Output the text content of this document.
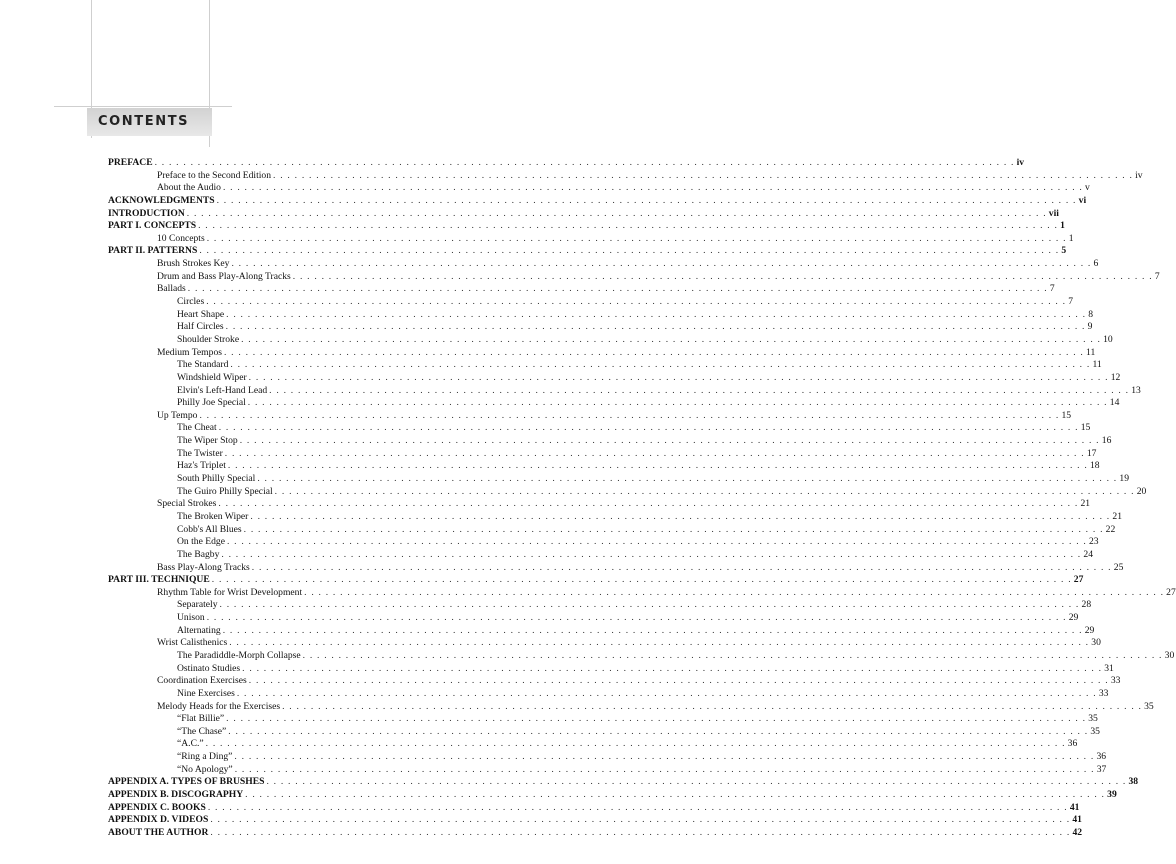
CONTENTS
PREFACE . . . . . . . . . . . . . . . . . . . . . . . . . . . . . . . . . . . . . . . . . . . . . . . . . . . . . . . . . . . . . . . . . . . . . . . . . . . . . . . . . . . . . . . . . . . . . . . . . . . . . . . . . . . . . . . . . . . . . . . . iv
Preface to the Second Edition . . . . . . . . . . . . . . . . . . . . . . . . . . . . . . . . . . . . . . . . . . . . . . . . . . . . . . . . . . . . . . . . . . . . . . . . . . . . . . . . . . . . . . . . . . . . . . . . . . . . . . . . . . . . . . . . . . . . . . . . iv
About the Audio . . . . . . . . . . . . . . . . . . . . . . . . . . . . . . . . . . . . . . . . . . . . . . . . . . . . . . . . . . . . . . . . . . . . . . . . . . . . . . . . . . . . . . . . . . . . . . . . . . . . . . . . . . . . . . . . . . . . . . . . v
ACKNOWLEDGMENTS . . . . . . . . . . . . . . . . . . . . . . . . . . . . . . . . . . . . . . . . . . . . . . . . . . . . . . . . . . . . . . . . . . . . . . . . . . . . . . . . . . . . . . . . . . . . . . . . . . . . . . . . . . . . . . . . . . . . . . . . vi
INTRODUCTION . . . . . . . . . . . . . . . . . . . . . . . . . . . . . . . . . . . . . . . . . . . . . . . . . . . . . . . . . . . . . . . . . . . . . . . . . . . . . . . . . . . . . . . . . . . . . . . . . . . . . . . . . . . . . . . . . . . . . . . . vii
PART I. CONCEPTS . . . . . . . . . . . . . . . . . . . . . . . . . . . . . . . . . . . . . . . . . . . . . . . . . . . . . . . . . . . . . . . . . . . . . . . . . . . . . . . . . . . . . . . . . . . . . . . . . . . . . . . . . . . . . . . . . . . . . . . . 1
10 Concepts . . . . . . . . . . . . . . . . . . . . . . . . . . . . . . . . . . . . . . . . . . . . . . . . . . . . . . . . . . . . . . . . . . . . . . . . . . . . . . . . . . . . . . . . . . . . . . . . . . . . . . . . . . . . . . . . . . . . . . . . 1
PART II. PATTERNS . . . . . . . . . . . . . . . . . . . . . . . . . . . . . . . . . . . . . . . . . . . . . . . . . . . . . . . . . . . . . . . . . . . . . . . . . . . . . . . . . . . . . . . . . . . . . . . . . . . . . . . . . . . . . . . . . . . . . . . . 5
Brush Strokes Key . . . . . . . . . . . . . . . . . . . . . . . . . . . . . . . . . . . . . . . . . . . . . . . . . . . . . . . . . . . . . . . . . . . . . . . . . . . . . . . . . . . . . . . . . . . . . . . . . . . . . . . . . . . . . . . . . . . . . . . . 6
Drum and Bass Play-Along Tracks . . . . . . . . . . . . . . . . . . . . . . . . . . . . . . . . . . . . . . . . . . . . . . . . . . . . . . . . . . . . . . . . . . . . . . . . . . . . . . . . . . . . . . . . . . . . . . . . . . . . . . . . . . . . . . . . . . . . . . . . 7
Ballads . . . . . . . . . . . . . . . . . . . . . . . . . . . . . . . . . . . . . . . . . . . . . . . . . . . . . . . . . . . . . . . . . . . . . . . . . . . . . . . . . . . . . . . . . . . . . . . . . . . . . . . . . . . . . . . . . . . . . . . . 7
Circles . . . . . . . . . . . . . . . . . . . . . . . . . . . . . . . . . . . . . . . . . . . . . . . . . . . . . . . . . . . . . . . . . . . . . . . . . . . . . . . . . . . . . . . . . . . . . . . . . . . . . . . . . . . . . . . . . . . . . . . . 7
Heart Shape . . . . . . . . . . . . . . . . . . . . . . . . . . . . . . . . . . . . . . . . . . . . . . . . . . . . . . . . . . . . . . . . . . . . . . . . . . . . . . . . . . . . . . . . . . . . . . . . . . . . . . . . . . . . . . . . . . . . . . . . 8
Half Circles . . . . . . . . . . . . . . . . . . . . . . . . . . . . . . . . . . . . . . . . . . . . . . . . . . . . . . . . . . . . . . . . . . . . . . . . . . . . . . . . . . . . . . . . . . . . . . . . . . . . . . . . . . . . . . . . . . . . . . . . 9
Shoulder Stroke . . . . . . . . . . . . . . . . . . . . . . . . . . . . . . . . . . . . . . . . . . . . . . . . . . . . . . . . . . . . . . . . . . . . . . . . . . . . . . . . . . . . . . . . . . . . . . . . . . . . . . . . . . . . . . . . . . . . . . . . 10
Medium Tempos . . . . . . . . . . . . . . . . . . . . . . . . . . . . . . . . . . . . . . . . . . . . . . . . . . . . . . . . . . . . . . . . . . . . . . . . . . . . . . . . . . . . . . . . . . . . . . . . . . . . . . . . . . . . . . . . . . . . . . . . 11
The Standard . . . . . . . . . . . . . . . . . . . . . . . . . . . . . . . . . . . . . . . . . . . . . . . . . . . . . . . . . . . . . . . . . . . . . . . . . . . . . . . . . . . . . . . . . . . . . . . . . . . . . . . . . . . . . . . . . . . . . . . . 11
Windshield Wiper . . . . . . . . . . . . . . . . . . . . . . . . . . . . . . . . . . . . . . . . . . . . . . . . . . . . . . . . . . . . . . . . . . . . . . . . . . . . . . . . . . . . . . . . . . . . . . . . . . . . . . . . . . . . . . . . . . . . . . . . 12
Elvin's Left-Hand Lead . . . . . . . . . . . . . . . . . . . . . . . . . . . . . . . . . . . . . . . . . . . . . . . . . . . . . . . . . . . . . . . . . . . . . . . . . . . . . . . . . . . . . . . . . . . . . . . . . . . . . . . . . . . . . . . . . . . . . . . . 13
Philly Joe Special . . . . . . . . . . . . . . . . . . . . . . . . . . . . . . . . . . . . . . . . . . . . . . . . . . . . . . . . . . . . . . . . . . . . . . . . . . . . . . . . . . . . . . . . . . . . . . . . . . . . . . . . . . . . . . . . . . . . . . . . 14
Up Tempo . . . . . . . . . . . . . . . . . . . . . . . . . . . . . . . . . . . . . . . . . . . . . . . . . . . . . . . . . . . . . . . . . . . . . . . . . . . . . . . . . . . . . . . . . . . . . . . . . . . . . . . . . . . . . . . . . . . . . . . . 15
The Cheat . . . . . . . . . . . . . . . . . . . . . . . . . . . . . . . . . . . . . . . . . . . . . . . . . . . . . . . . . . . . . . . . . . . . . . . . . . . . . . . . . . . . . . . . . . . . . . . . . . . . . . . . . . . . . . . . . . . . . . . . 15
The Wiper Stop . . . . . . . . . . . . . . . . . . . . . . . . . . . . . . . . . . . . . . . . . . . . . . . . . . . . . . . . . . . . . . . . . . . . . . . . . . . . . . . . . . . . . . . . . . . . . . . . . . . . . . . . . . . . . . . . . . . . . . . . 16
The Twister . . . . . . . . . . . . . . . . . . . . . . . . . . . . . . . . . . . . . . . . . . . . . . . . . . . . . . . . . . . . . . . . . . . . . . . . . . . . . . . . . . . . . . . . . . . . . . . . . . . . . . . . . . . . . . . . . . . . . . . . 17
Haz's Triplet . . . . . . . . . . . . . . . . . . . . . . . . . . . . . . . . . . . . . . . . . . . . . . . . . . . . . . . . . . . . . . . . . . . . . . . . . . . . . . . . . . . . . . . . . . . . . . . . . . . . . . . . . . . . . . . . . . . . . . . . 18
South Philly Special . . . . . . . . . . . . . . . . . . . . . . . . . . . . . . . . . . . . . . . . . . . . . . . . . . . . . . . . . . . . . . . . . . . . . . . . . . . . . . . . . . . . . . . . . . . . . . . . . . . . . . . . . . . . . . . . . . . . . . . . 19
The Guiro Philly Special . . . . . . . . . . . . . . . . . . . . . . . . . . . . . . . . . . . . . . . . . . . . . . . . . . . . . . . . . . . . . . . . . . . . . . . . . . . . . . . . . . . . . . . . . . . . . . . . . . . . . . . . . . . . . . . . . . . . . . . . 20
Special Strokes . . . . . . . . . . . . . . . . . . . . . . . . . . . . . . . . . . . . . . . . . . . . . . . . . . . . . . . . . . . . . . . . . . . . . . . . . . . . . . . . . . . . . . . . . . . . . . . . . . . . . . . . . . . . . . . . . . . . . . . . 21
The Broken Wiper . . . . . . . . . . . . . . . . . . . . . . . . . . . . . . . . . . . . . . . . . . . . . . . . . . . . . . . . . . . . . . . . . . . . . . . . . . . . . . . . . . . . . . . . . . . . . . . . . . . . . . . . . . . . . . . . . . . . . . . . 21
Cobb's All Blues . . . . . . . . . . . . . . . . . . . . . . . . . . . . . . . . . . . . . . . . . . . . . . . . . . . . . . . . . . . . . . . . . . . . . . . . . . . . . . . . . . . . . . . . . . . . . . . . . . . . . . . . . . . . . . . . . . . . . . . . 22
On the Edge . . . . . . . . . . . . . . . . . . . . . . . . . . . . . . . . . . . . . . . . . . . . . . . . . . . . . . . . . . . . . . . . . . . . . . . . . . . . . . . . . . . . . . . . . . . . . . . . . . . . . . . . . . . . . . . . . . . . . . . . 23
The Bagby . . . . . . . . . . . . . . . . . . . . . . . . . . . . . . . . . . . . . . . . . . . . . . . . . . . . . . . . . . . . . . . . . . . . . . . . . . . . . . . . . . . . . . . . . . . . . . . . . . . . . . . . . . . . . . . . . . . . . . . . 24
Bass Play-Along Tracks . . . . . . . . . . . . . . . . . . . . . . . . . . . . . . . . . . . . . . . . . . . . . . . . . . . . . . . . . . . . . . . . . . . . . . . . . . . . . . . . . . . . . . . . . . . . . . . . . . . . . . . . . . . . . . . . . . . . . . . . 25
PART III. TECHNIQUE . . . . . . . . . . . . . . . . . . . . . . . . . . . . . . . . . . . . . . . . . . . . . . . . . . . . . . . . . . . . . . . . . . . . . . . . . . . . . . . . . . . . . . . . . . . . . . . . . . . . . . . . . . . . . . . . . . . . . . . . 27
Rhythm Table for Wrist Development . . . . . . . . . . . . . . . . . . . . . . . . . . . . . . . . . . . . . . . . . . . . . . . . . . . . . . . . . . . . . . . . . . . . . . . . . . . . . . . . . . . . . . . . . . . . . . . . . . . . . . . . . . . . . . . . . . . . . . . . 27
Separately . . . . . . . . . . . . . . . . . . . . . . . . . . . . . . . . . . . . . . . . . . . . . . . . . . . . . . . . . . . . . . . . . . . . . . . . . . . . . . . . . . . . . . . . . . . . . . . . . . . . . . . . . . . . . . . . . . . . . . . . 28
Unison . . . . . . . . . . . . . . . . . . . . . . . . . . . . . . . . . . . . . . . . . . . . . . . . . . . . . . . . . . . . . . . . . . . . . . . . . . . . . . . . . . . . . . . . . . . . . . . . . . . . . . . . . . . . . . . . . . . . . . . . 29
Alternating . . . . . . . . . . . . . . . . . . . . . . . . . . . . . . . . . . . . . . . . . . . . . . . . . . . . . . . . . . . . . . . . . . . . . . . . . . . . . . . . . . . . . . . . . . . . . . . . . . . . . . . . . . . . . . . . . . . . . . . . 29
Wrist Calisthenics . . . . . . . . . . . . . . . . . . . . . . . . . . . . . . . . . . . . . . . . . . . . . . . . . . . . . . . . . . . . . . . . . . . . . . . . . . . . . . . . . . . . . . . . . . . . . . . . . . . . . . . . . . . . . . . . . . . . . . . . 30
The Paradiddle-Morph Collapse . . . . . . . . . . . . . . . . . . . . . . . . . . . . . . . . . . . . . . . . . . . . . . . . . . . . . . . . . . . . . . . . . . . . . . . . . . . . . . . . . . . . . . . . . . . . . . . . . . . . . . . . . . . . . . . . . . . . . . . . 30
Ostinato Studies . . . . . . . . . . . . . . . . . . . . . . . . . . . . . . . . . . . . . . . . . . . . . . . . . . . . . . . . . . . . . . . . . . . . . . . . . . . . . . . . . . . . . . . . . . . . . . . . . . . . . . . . . . . . . . . . . . . . . . . . 31
Coordination Exercises . . . . . . . . . . . . . . . . . . . . . . . . . . . . . . . . . . . . . . . . . . . . . . . . . . . . . . . . . . . . . . . . . . . . . . . . . . . . . . . . . . . . . . . . . . . . . . . . . . . . . . . . . . . . . . . . . . . . . . . . 33
Nine Exercises . . . . . . . . . . . . . . . . . . . . . . . . . . . . . . . . . . . . . . . . . . . . . . . . . . . . . . . . . . . . . . . . . . . . . . . . . . . . . . . . . . . . . . . . . . . . . . . . . . . . . . . . . . . . . . . . . . . . . . . . 33
Melody Heads for the Exercises . . . . . . . . . . . . . . . . . . . . . . . . . . . . . . . . . . . . . . . . . . . . . . . . . . . . . . . . . . . . . . . . . . . . . . . . . . . . . . . . . . . . . . . . . . . . . . . . . . . . . . . . . . . . . . . . . . . . . . . . 35
“Flat Billie” . . . . . . . . . . . . . . . . . . . . . . . . . . . . . . . . . . . . . . . . . . . . . . . . . . . . . . . . . . . . . . . . . . . . . . . . . . . . . . . . . . . . . . . . . . . . . . . . . . . . . . . . . . . . . . . . . . . . . . . . 35
“The Chase” . . . . . . . . . . . . . . . . . . . . . . . . . . . . . . . . . . . . . . . . . . . . . . . . . . . . . . . . . . . . . . . . . . . . . . . . . . . . . . . . . . . . . . . . . . . . . . . . . . . . . . . . . . . . . . . . . . . . . . . . 35
“A.C.” . . . . . . . . . . . . . . . . . . . . . . . . . . . . . . . . . . . . . . . . . . . . . . . . . . . . . . . . . . . . . . . . . . . . . . . . . . . . . . . . . . . . . . . . . . . . . . . . . . . . . . . . . . . . . . . . . . . . . . . . 36
“Ring a Ding” . . . . . . . . . . . . . . . . . . . . . . . . . . . . . . . . . . . . . . . . . . . . . . . . . . . . . . . . . . . . . . . . . . . . . . . . . . . . . . . . . . . . . . . . . . . . . . . . . . . . . . . . . . . . . . . . . . . . . . . . 36
“No Apology” . . . . . . . . . . . . . . . . . . . . . . . . . . . . . . . . . . . . . . . . . . . . . . . . . . . . . . . . . . . . . . . . . . . . . . . . . . . . . . . . . . . . . . . . . . . . . . . . . . . . . . . . . . . . . . . . . . . . . . . . 37
APPENDIX A. TYPES OF BRUSHES . . . . . . . . . . . . . . . . . . . . . . . . . . . . . . . . . . . . . . . . . . . . . . . . . . . . . . . . . . . . . . . . . . . . . . . . . . . . . . . . . . . . . . . . . . . . . . . . . . . . . . . . . . . . . . . . . . . . . . . . 38
APPENDIX B. DISCOGRAPHY . . . . . . . . . . . . . . . . . . . . . . . . . . . . . . . . . . . . . . . . . . . . . . . . . . . . . . . . . . . . . . . . . . . . . . . . . . . . . . . . . . . . . . . . . . . . . . . . . . . . . . . . . . . . . . . . . . . . . . . . 39
APPENDIX C. BOOKS . . . . . . . . . . . . . . . . . . . . . . . . . . . . . . . . . . . . . . . . . . . . . . . . . . . . . . . . . . . . . . . . . . . . . . . . . . . . . . . . . . . . . . . . . . . . . . . . . . . . . . . . . . . . . . . . . . . . . . . . 41
APPENDIX D. VIDEOS . . . . . . . . . . . . . . . . . . . . . . . . . . . . . . . . . . . . . . . . . . . . . . . . . . . . . . . . . . . . . . . . . . . . . . . . . . . . . . . . . . . . . . . . . . . . . . . . . . . . . . . . . . . . . . . . . . . . . . . . 41
ABOUT THE AUTHOR . . . . . . . . . . . . . . . . . . . . . . . . . . . . . . . . . . . . . . . . . . . . . . . . . . . . . . . . . . . . . . . . . . . . . . . . . . . . . . . . . . . . . . . . . . . . . . . . . . . . . . . . . . . . . . . . . . . . . . . . 42
